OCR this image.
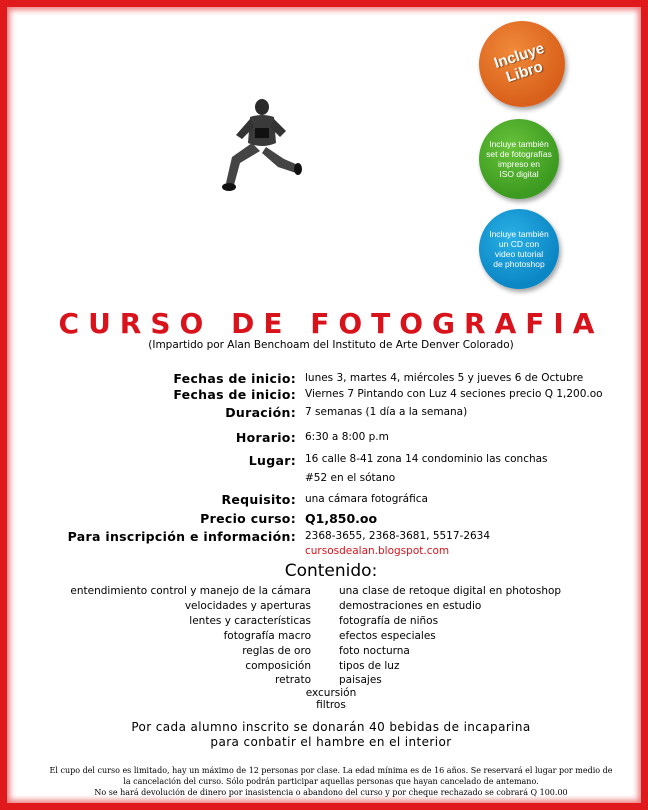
Incluye
Libro
Incluye también
set de fotografías
impreso en
ISO digital
Incluye también
un CD con
video tutorial
de photoshop
CURSO DE FOTOGRAFIA
(Impartido por Alan Benchoam del Instituto de Arte Denver Colorado)
Fechas de inicio: lunes 3, martes 4, miércoles 5 y jueves 6 de Octubre
Fechas de inicio: Viernes 7 Pintando con Luz 4 seciones precio Q 1,200.oo
Duración: 7 semanas (1 día a la semana)
Horario: 6:30 a 8:00 p.m
Lugar: 16 calle 8-41 zona 14 condominio las conchas
#52 en el sótano
Requisito: una cámara fotográfica
Precio curso: Q1,850.oo
Para inscripción e información: 2368-3655, 2368-3681, 5517-2634
cursosdealan.blogspot.com
Contenido:
entendimiento control y manejo de la cámara
velocidades y aperturas
lentes y características
fotografía macro
reglas de oro
composición
retrato
una clase de retoque digital en photoshop
demostraciones en estudio
fotografía de niños
efectos especiales
foto nocturna
tipos de luz
paisajes
excursión
filtros
Por cada alumno inscrito se donarán 40 bebidas de incaparina
para conbatir el hambre en el interior
El cupo del curso es limitado, hay un máximo de 12 personas por clase. La edad mínima es de 16 años. Se reservará el lugar por medio de la cancelación del curso. Sólo podrán participar aquellas personas que hayan cancelado de antemano.
No se hará devolución de dinero por inasistencia o abandono del curso y por cheque rechazado se cobrará Q 100.00
